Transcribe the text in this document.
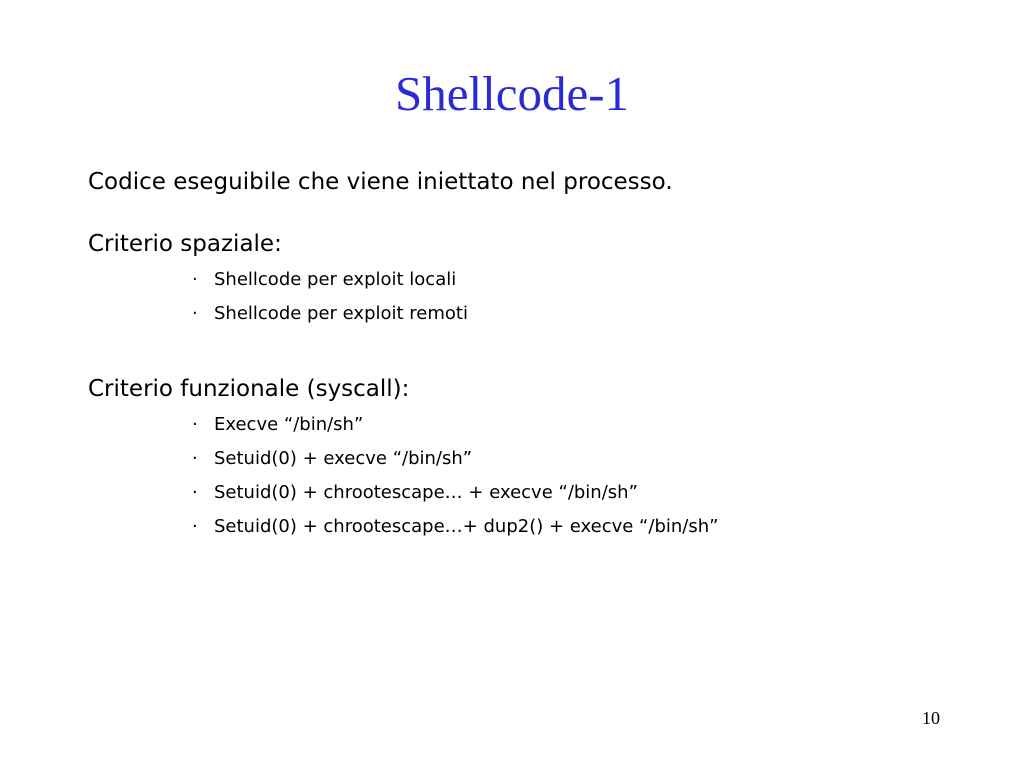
Shellcode-1
Codice eseguibile che viene iniettato nel processo.
Criterio spaziale:
· Shellcode per exploit locali
· Shellcode per exploit remoti
Criterio funzionale (syscall):
· Execve “/bin/sh”
· Setuid(0) + execve “/bin/sh”
· Setuid(0) + chrootescape… + execve “/bin/sh”
· Setuid(0) + chrootescape…+ dup2() + execve “/bin/sh”
10
